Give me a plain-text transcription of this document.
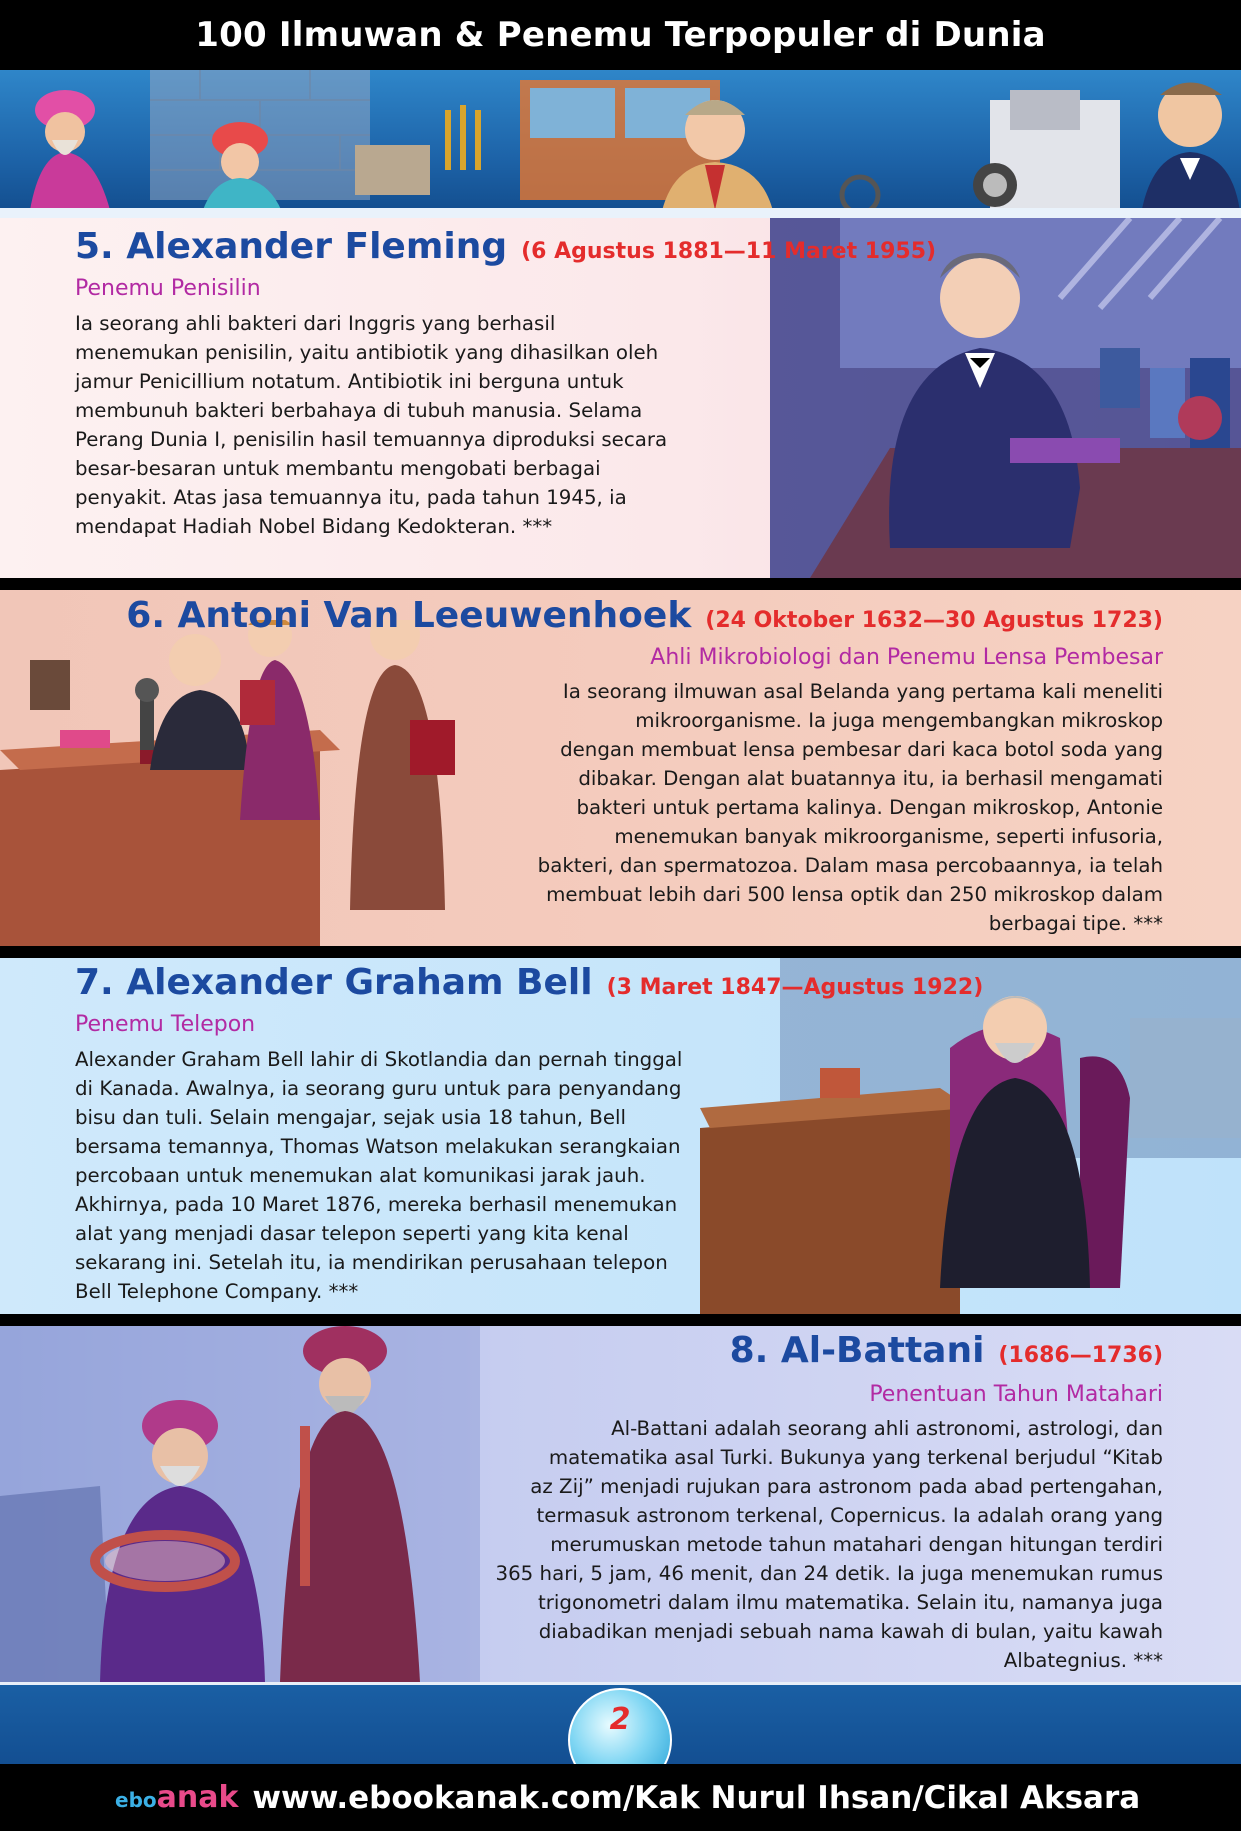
100 Ilmuwan & Penemu Terpopuler di Dunia
5. Alexander Fleming (6 Agustus 1881—11 Maret 1955)
Penemu Penisilin
Ia seorang ahli bakteri dari Inggris yang berhasil
menemukan penisilin, yaitu antibiotik yang dihasilkan oleh
jamur Penicillium notatum. Antibiotik ini berguna untuk
membunuh bakteri berbahaya di tubuh manusia. Selama
Perang Dunia I, penisilin hasil temuannya diproduksi secara
besar-besaran untuk membantu mengobati berbagai
penyakit. Atas jasa temuannya itu, pada tahun 1945, ia
mendapat Hadiah Nobel Bidang Kedokteran. ***
6. Antoni Van Leeuwenhoek (24 Oktober 1632—30 Agustus 1723)
Ahli Mikrobiologi dan Penemu Lensa Pembesar
Ia seorang ilmuwan asal Belanda yang pertama kali meneliti
mikroorganisme. Ia juga mengembangkan mikroskop
dengan membuat lensa pembesar dari kaca botol soda yang
dibakar. Dengan alat buatannya itu, ia berhasil mengamati
bakteri untuk pertama kalinya. Dengan mikroskop, Antonie
menemukan banyak mikroorganisme, seperti infusoria,
bakteri, dan spermatozoa. Dalam masa percobaannya, ia telah
membuat lebih dari 500 lensa optik dan 250 mikroskop dalam
berbagai tipe. ***
7. Alexander Graham Bell (3 Maret 1847—Agustus 1922)
Penemu Telepon
Alexander Graham Bell lahir di Skotlandia dan pernah tinggal
di Kanada. Awalnya, ia seorang guru untuk para penyandang
bisu dan tuli. Selain mengajar, sejak usia 18 tahun, Bell
bersama temannya, Thomas Watson melakukan serangkaian
percobaan untuk menemukan alat komunikasi jarak jauh.
Akhirnya, pada 10 Maret 1876, mereka berhasil menemukan
alat yang menjadi dasar telepon seperti yang kita kenal
sekarang ini. Setelah itu, ia mendirikan perusahaan telepon
Bell Telephone Company. ***
8. Al-Battani (1686—1736)
Penentuan Tahun Matahari
Al-Battani adalah seorang ahli astronomi, astrologi, dan
matematika asal Turki. Bukunya yang terkenal berjudul “Kitab
az Zij” menjadi rujukan para astronom pada abad pertengahan,
termasuk astronom terkenal, Copernicus. Ia adalah orang yang
merumuskan metode tahun matahari dengan hitungan terdiri
365 hari, 5 jam, 46 menit, dan 24 detik. Ia juga menemukan rumus
trigonometri dalam ilmu matematika. Selain itu, namanya juga
diabadikan menjadi sebuah nama kawah di bulan, yaitu kawah
Albategnius. ***
2
ebo anak www.ebookanak.com/Kak Nurul Ihsan/Cikal Aksara
